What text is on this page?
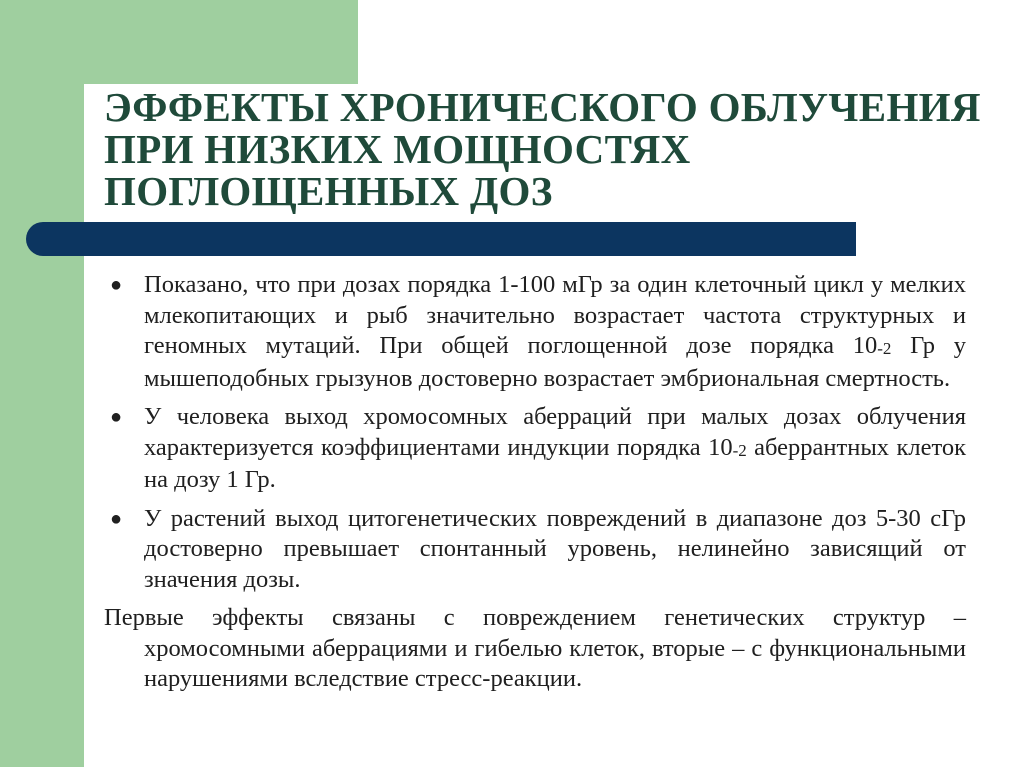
ЭФФЕКТЫ ХРОНИЧЕСКОГО ОБЛУЧЕНИЯ
ПРИ НИЗКИХ МОЩНОСТЯХ
ПОГЛОЩЕННЫХ ДОЗ
● Показано, что при дозах порядка 1-100 мГр за один клеточный цикл у мелких млекопитающих и рыб значительно возрастает частота структурных и геномных мутаций. При общей поглощенной дозе порядка 10-2 Гр у мышеподобных грызунов достоверно возрастает эмбриональная смертность.
● У человека выход хромосомных аберраций при малых дозах облучения характеризуется коэффициентами индукции порядка 10-2 аберрантных клеток на дозу 1 Гр.
● У растений выход цитогенетических повреждений в диапазоне доз 5-30 сГр достоверно превышает спонтанный уровень, нелинейно зависящий от значения дозы.
Первые эффекты связаны с повреждением генетических структур – хромосомными аберрациями и гибелью клеток, вторые – с функциональными нарушениями вследствие стресс-реакции.
